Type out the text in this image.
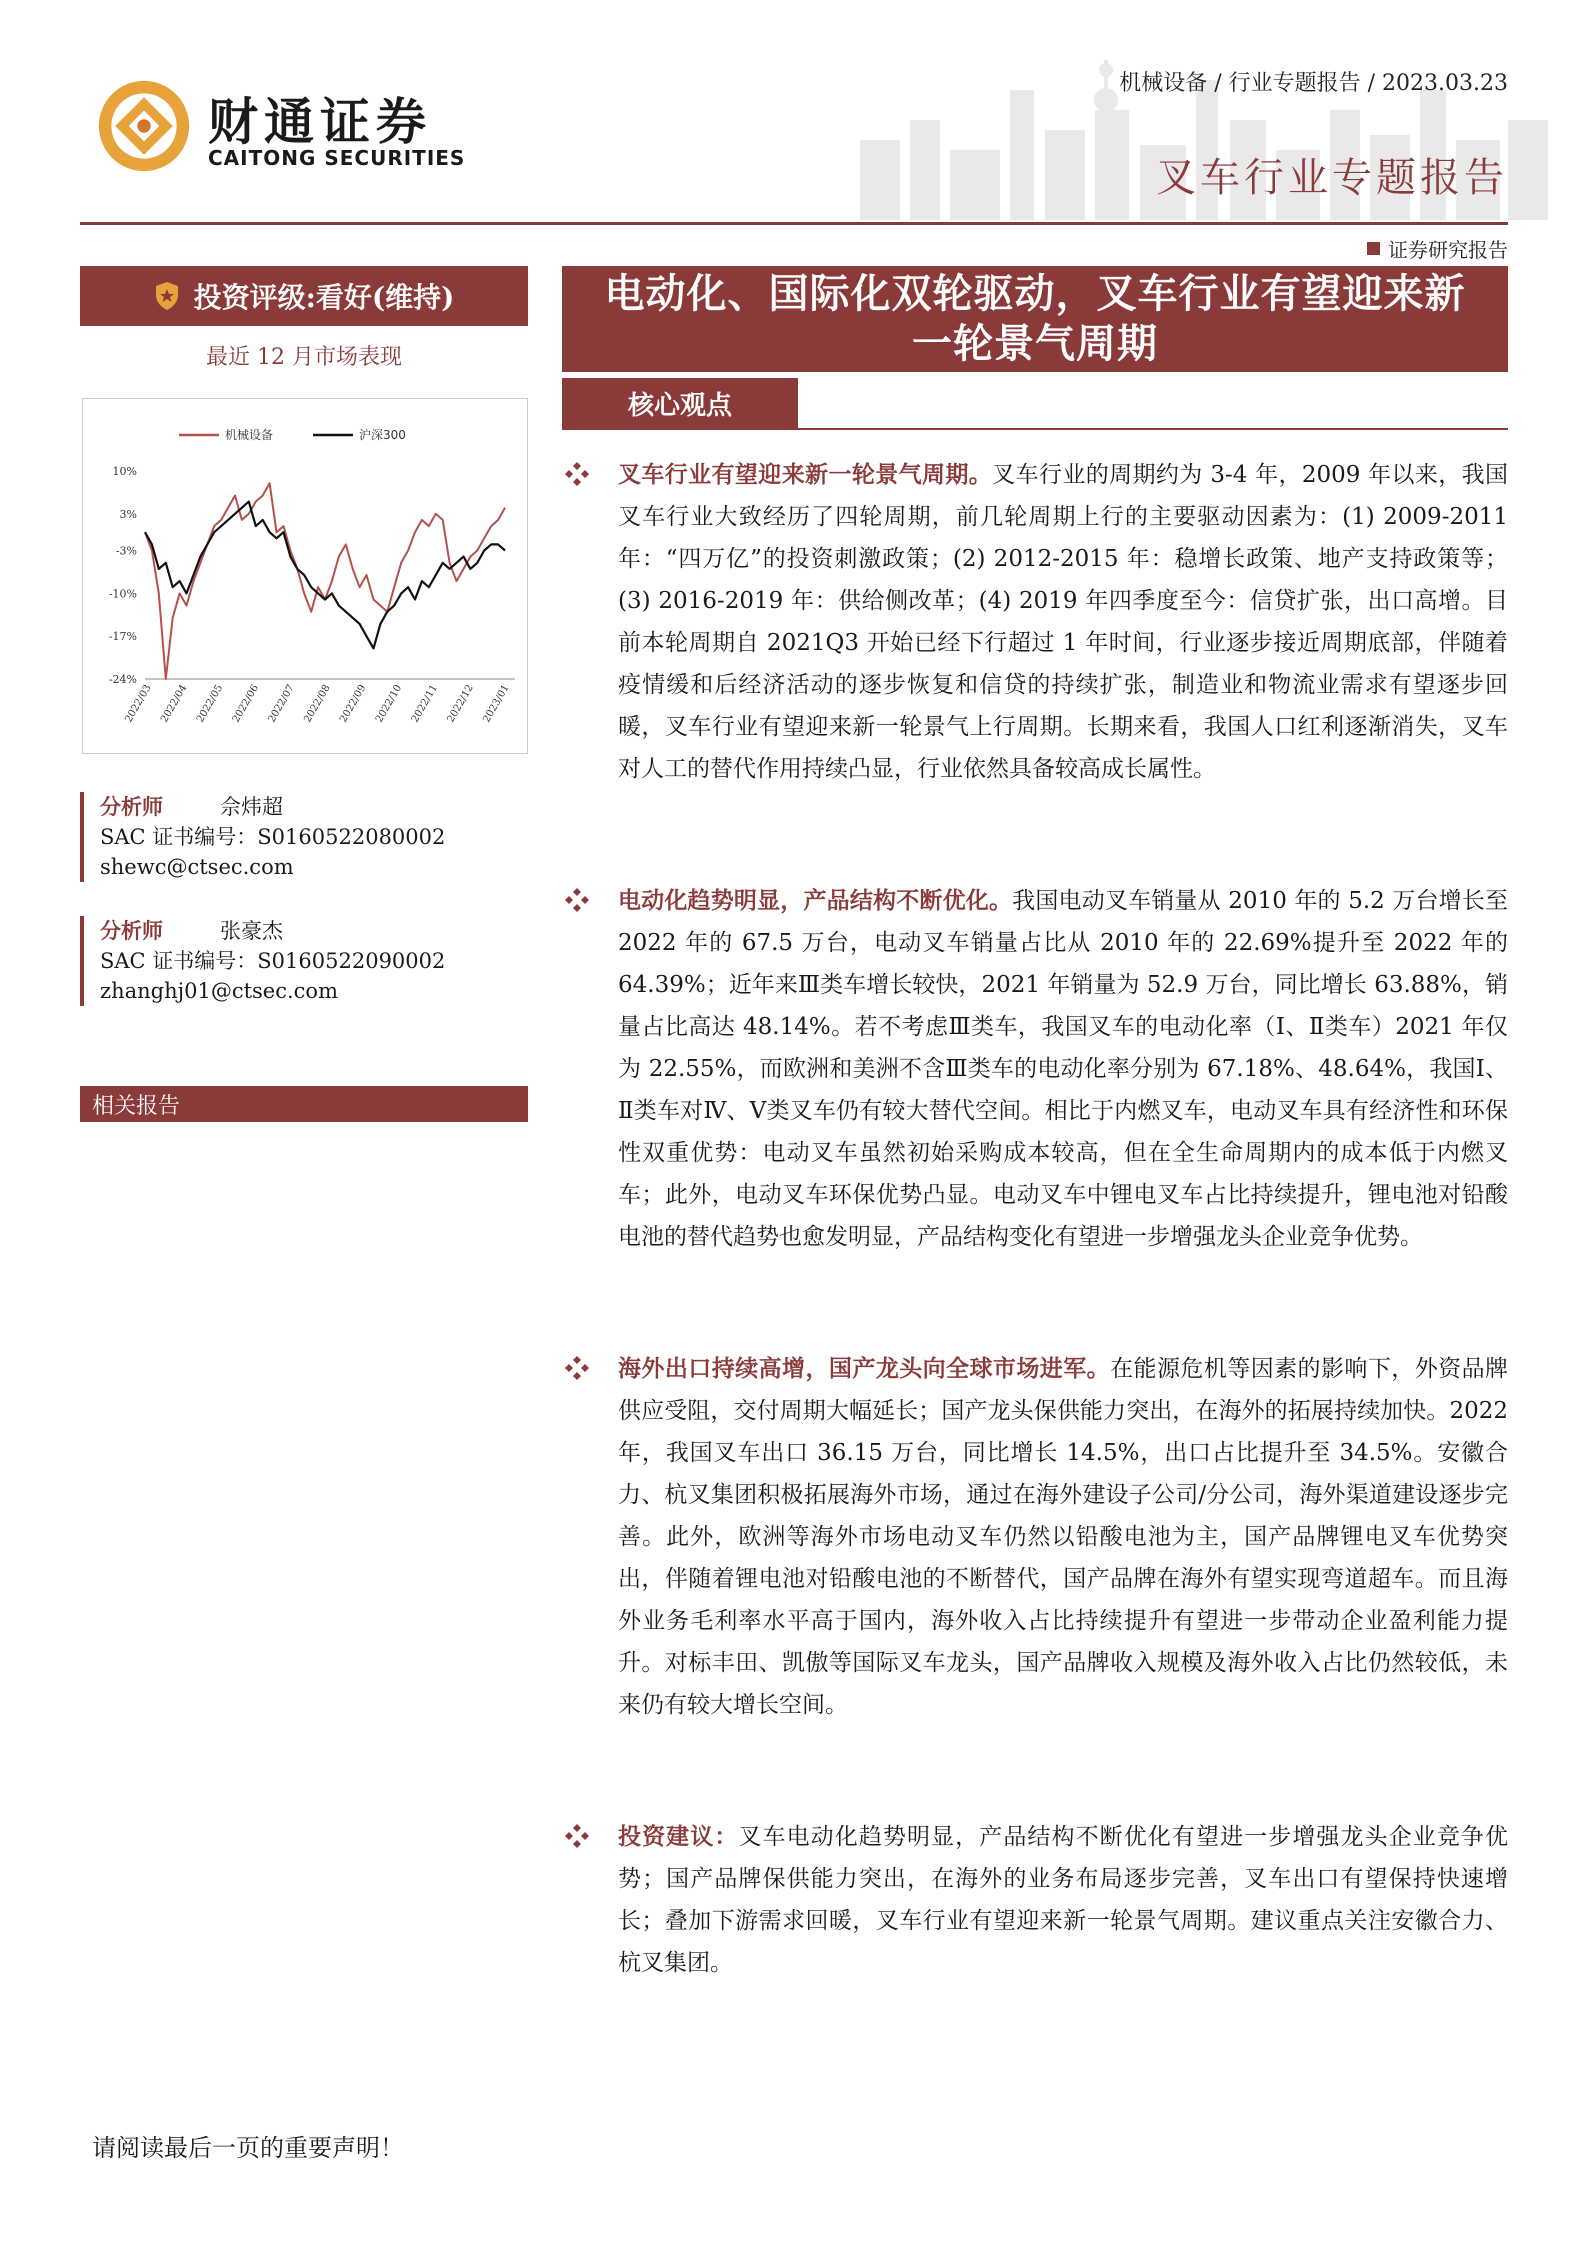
财通证券
CAITONG SECURITIES
机械设备 / 行业专题报告 / 2023.03.23
叉车行业专题报告
证券研究报告
投资评级:看好(维持)
最近 12 月市场表现
10%
3%
-3%
-10%
-17%
-24%
2022/03 2022/04 2022/05 2022/06 2022/07 2022/08 2022/09 2022/10 2022/11 2022/12 2023/01
机械设备	沪深300
分析师	佘炜超
SAC 证书编号：S0160522080002
shewc@ctsec.com
分析师	张豪杰
SAC 证书编号：S0160522090002
zhanghj01@ctsec.com
相关报告
电动化、国际化双轮驱动，叉车行业有望迎来新一轮景气周期
核心观点
叉车行业有望迎来新一轮景气周期。叉车行业的周期约为 3-4 年，2009 年以来，我国叉车行业大致经历了四轮周期，前几轮周期上行的主要驱动因素为：(1) 2009-2011 年：“四万亿”的投资刺激政策；(2) 2012-2015 年：稳增长政策、地产支持政策等；(3) 2016-2019 年：供给侧改革；(4) 2019 年四季度至今：信贷扩张，出口高增。目前本轮周期自 2021Q3 开始已经下行超过 1 年时间，行业逐步接近周期底部，伴随着疫情缓和后经济活动的逐步恢复和信贷的持续扩张，制造业和物流业需求有望逐步回暖，叉车行业有望迎来新一轮景气上行周期。长期来看，我国人口红利逐渐消失，叉车对人工的替代作用持续凸显，行业依然具备较高成长属性。
电动化趋势明显，产品结构不断优化。我国电动叉车销量从 2010 年的 5.2 万台增长至 2022 年的 67.5 万台，电动叉车销量占比从 2010 年的 22.69%提升至 2022 年的 64.39%；近年来Ⅲ类车增长较快，2021 年销量为 52.9 万台，同比增长 63.88%，销量占比高达 48.14%。若不考虑Ⅲ类车，我国叉车的电动化率（Ⅰ、Ⅱ类车）2021 年仅为 22.55%，而欧洲和美洲不含Ⅲ类车的电动化率分别为 67.18%、48.64%，我国Ⅰ、Ⅱ类车对Ⅳ、Ⅴ类叉车仍有较大替代空间。相比于内燃叉车，电动叉车具有经济性和环保性双重优势：电动叉车虽然初始采购成本较高，但在全生命周期内的成本低于内燃叉车；此外，电动叉车环保优势凸显。电动叉车中锂电叉车占比持续提升，锂电池对铅酸电池的替代趋势也愈发明显，产品结构变化有望进一步增强龙头企业竞争优势。
海外出口持续高增，国产龙头向全球市场进军。在能源危机等因素的影响下，外资品牌供应受阻，交付周期大幅延长；国产龙头保供能力突出，在海外的拓展持续加快。2022 年，我国叉车出口 36.15 万台，同比增长 14.5%，出口占比提升至 34.5%。安徽合力、杭叉集团积极拓展海外市场，通过在海外建设子公司/分公司，海外渠道建设逐步完善。此外，欧洲等海外市场电动叉车仍然以铅酸电池为主，国产品牌锂电叉车优势突出，伴随着锂电池对铅酸电池的不断替代，国产品牌在海外有望实现弯道超车。而且海外业务毛利率水平高于国内，海外收入占比持续提升有望进一步带动企业盈利能力提升。对标丰田、凯傲等国际叉车龙头，国产品牌收入规模及海外收入占比仍然较低，未来仍有较大增长空间。
投资建议：叉车电动化趋势明显，产品结构不断优化有望进一步增强龙头企业竞争优势；国产品牌保供能力突出，在海外的业务布局逐步完善，叉车出口有望保持快速增长；叠加下游需求回暖，叉车行业有望迎来新一轮景气周期。建议重点关注安徽合力、杭叉集团。
请阅读最后一页的重要声明！
